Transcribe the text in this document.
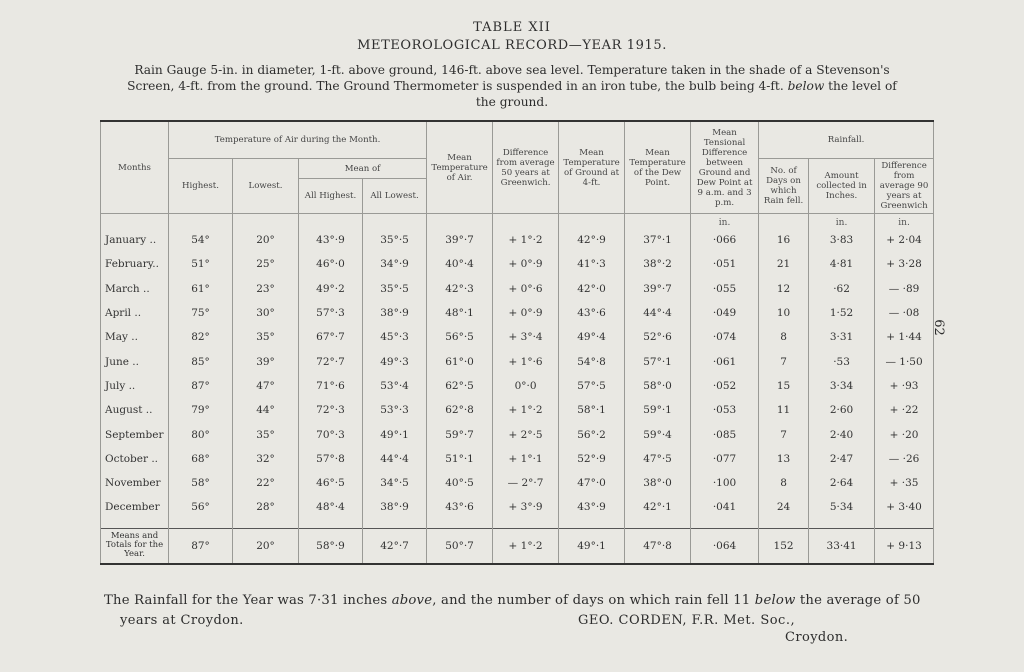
TABLE XII
METEOROLOGICAL RECORD—YEAR 1915.
Rain Gauge 5-in. in diameter, 1-ft. above ground, 146-ft. above sea level. Temperature taken in the shade of a Stevenson's Screen, 4-ft. from the ground. The Ground Thermometer is suspended in an iron tube, the bulb being 4-ft. below the level of the ground.
62
Months	Temperature of Air during the Month.				Mean Temperature of Air.	Difference from average 50 years at Greenwich.	Mean Temperature of Ground at 4-ft.	Mean Temperature of the Dew Point.	Mean Tensional Difference between Ground and Dew Point at 9 a.m. and 3 p.m.	Rainfall.		
	Highest.	Lowest.	Mean of							No. of Days on which Rain fell.	Amount collected in Inches.	Difference from average 90 years at Greenwich
			All Highest.	All Lowest.								
									in.		in.	in.
January ..	54°	20°	43°·9	35°·5	39°·7	+ 1°·2	42°·9	37°·1	·066	16	3·83	+ 2·04
February..	51°	25°	46°·0	34°·9	40°·4	+ 0°·9	41°·3	38°·2	·051	21	4·81	+ 3·28
March ..	61°	23°	49°·2	35°·5	42°·3	+ 0°·6	42°·0	39°·7	·055	12	·62	— ·89
April ..	75°	30°	57°·3	38°·9	48°·1	+ 0°·9	43°·6	44°·4	·049	10	1·52	— ·08
May ..	82°	35°	67°·7	45°·3	56°·5	+ 3°·4	49°·4	52°·6	·074	8	3·31	+ 1·44
June ..	85°	39°	72°·7	49°·3	61°·0	+ 1°·6	54°·8	57°·1	·061	7	·53	— 1·50
July ..	87°	47°	71°·6	53°·4	62°·5	0°·0	57°·5	58°·0	·052	15	3·34	+ ·93
August ..	79°	44°	72°·3	53°·3	62°·8	+ 1°·2	58°·1	59°·1	·053	11	2·60	+ ·22
September	80°	35°	70°·3	49°·1	59°·7	+ 2°·5	56°·2	59°·4	·085	7	2·40	+ ·20
October ..	68°	32°	57°·8	44°·4	51°·1	+ 1°·1	52°·9	47°·5	·077	13	2·47	— ·26
November	58°	22°	46°·5	34°·5	40°·5	— 2°·7	47°·0	38°·0	·100	8	2·64	+ ·35
December	56°	28°	48°·4	38°·9	43°·6	+ 3°·9	43°·9	42°·1	·041	24	5·34	+ 3·40
Means and Totals for the Year.	87°	20°	58°·9	42°·7	50°·7	+ 1°·2	49°·1	47°·8	·064	152	33·41	+ 9·13
The Rainfall for the Year was 7·31 inches above, and the number of days on which rain fell 11 below the average of 50
years at Croydon.	GEO. CORDEN, F.R. Met. Soc.,
Croydon.
